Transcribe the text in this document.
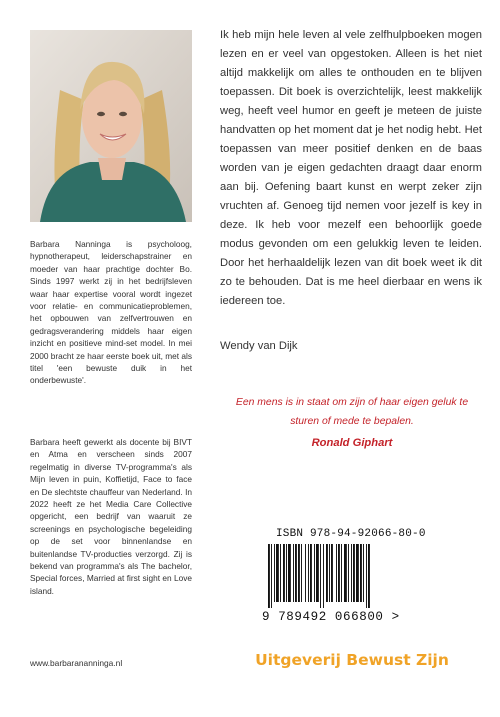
Barbara Nanninga is psycholoog, hypnotherapeut, leiderschapstrainer en moeder van haar prachtige dochter Bo. Sinds 1997 werkt zij in het bedrijfsleven waar haar expertise vooral wordt ingezet voor relatie- en communicatieproblemen, het opbouwen van zelfvertrouwen en gedragsverandering middels haar eigen inzicht en positieve mind-set model. In mei 2000 bracht ze haar eerste boek uit, met als titel 'een bewuste duik in het onderbewuste'.

Barbara heeft gewerkt als docente bij BIVT en Atma en verscheen sinds 2007 regelmatig in diverse TV-programma's als Mijn leven in puin, Koffietijd, Face to face en De slechtste chauffeur van Nederland. In 2022 heeft ze het Media Care Collective opgericht, een bedrijf van waaruit ze screenings en psychologische begeleiding op de set voor binnenlandse en buitenlandse TV-producties verzorgd. Zij is bekend van programma's als The bachelor, Special forces, Married at first sight en Love island.

www.barbarananninga.nl

Ik heb mijn hele leven al vele zelfhulpboeken mogen lezen en er veel van opgestoken. Alleen is het niet altijd makkelijk om alles te onthouden en te blijven toepassen. Dit boek is overzichtelijk, leest makkelijk weg, heeft veel humor en geeft je meteen de juiste handvatten op het moment dat je het nodig hebt. Het toepassen van meer positief denken en de baas worden van je eigen gedachten draagt daar enorm aan bij. Oefening baart kunst en werpt zeker zijn vruchten af. Genoeg tijd nemen voor jezelf is key in deze. Ik heb voor mezelf een behoorlijk goede modus gevonden om een gelukkig leven te leiden. Door het herhaaldelijk lezen van dit boek weet ik dit zo te behouden. Dat is me heel dierbaar en wens ik iedereen toe.

Wendy van Dijk

Een mens is in staat om zijn of haar eigen geluk te sturen of mede te bepalen.

Ronald Giphart

ISBN 978-94-92066-80-0

9 789492 066800 >

Uitgeverij Bewust Zijn
